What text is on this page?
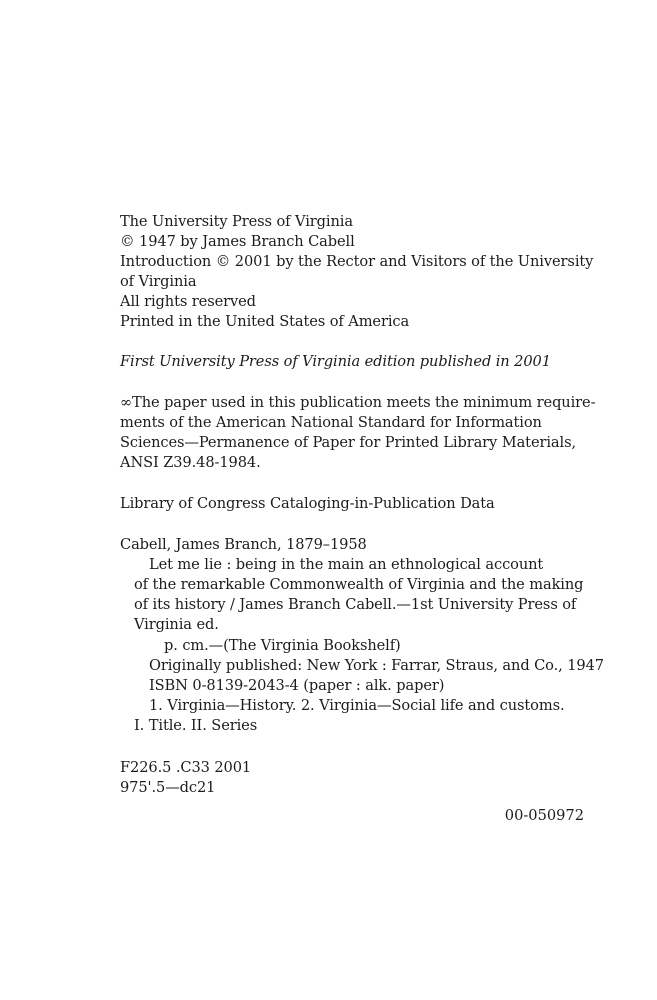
The University Press of Virginia
© 1947 by James Branch Cabell
Introduction © 2001 by the Rector and Visitors of the University
of Virginia
All rights reserved
Printed in the United States of America
First University Press of Virginia edition published in 2001
∞The paper used in this publication meets the minimum require-
ments of the American National Standard for Information
Sciences—Permanence of Paper for Printed Library Materials,
ANSI Z39.48-1984.
Library of Congress Cataloging-in-Publication Data
Cabell, James Branch, 1879–1958
Let me lie : being in the main an ethnological account
of the remarkable Commonwealth of Virginia and the making
of its history / James Branch Cabell.—1st University Press of
Virginia ed.
p. cm.—(The Virginia Bookshelf)
Originally published: New York : Farrar, Straus, and Co., 1947
ISBN 0-8139-2043-4 (paper : alk. paper)
1. Virginia—History. 2. Virginia—Social life and customs.
I. Title. II. Series
F226.5 .C33 2001
975'.5—dc21
00-050972
